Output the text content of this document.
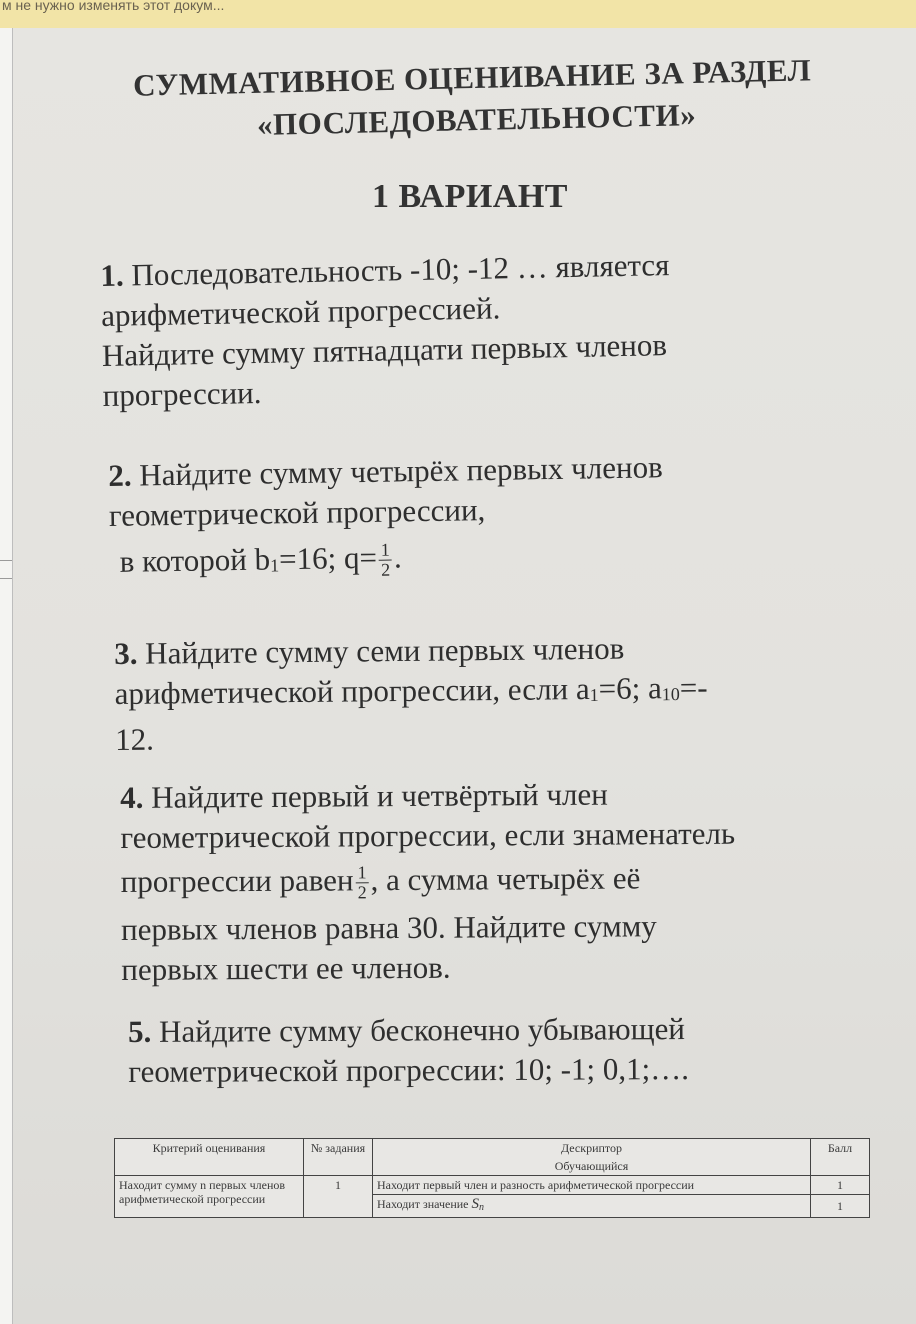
м не нужно изменять этот докум...
СУММАТИВНОЕ ОЦЕНИВАНИЕ ЗА РАЗДЕЛ
«ПОСЛЕДОВАТЕЛЬНОСТИ»
1 ВАРИАНТ
1. Последовательность -10; -12 … является
арифметической прогрессией.
Найдите сумму пятнадцати первых членов
прогрессии.
2. Найдите сумму четырёх первых членов
геометрической прогрессии,
в которой $b_1=16$; $q= \frac{1}{2}$ .
3. Найдите сумму семи первых членов
арифметической прогрессии, если $a_1=6$; $a_{10}=-$
12.
4. Найдите первый и четвёртый член
геометрической прогрессии, если знаменатель
прогрессии равен $\frac{1}{2}$ , а сумма четырёх её
первых членов равна 30. Найдите сумму
первых шести ее членов.
5. Найдите сумму бесконечно убывающей
геометрической прогрессии: 10; -1; 0,1;….
Критерий оценивания	№ задания	Дескриптор	Балл
		Обучающийся	
Находит сумму n первых членов арифметической прогрессии	1	Находит первый член и разность арифметической прогрессии	1
		Находит значение $S_n$	1
